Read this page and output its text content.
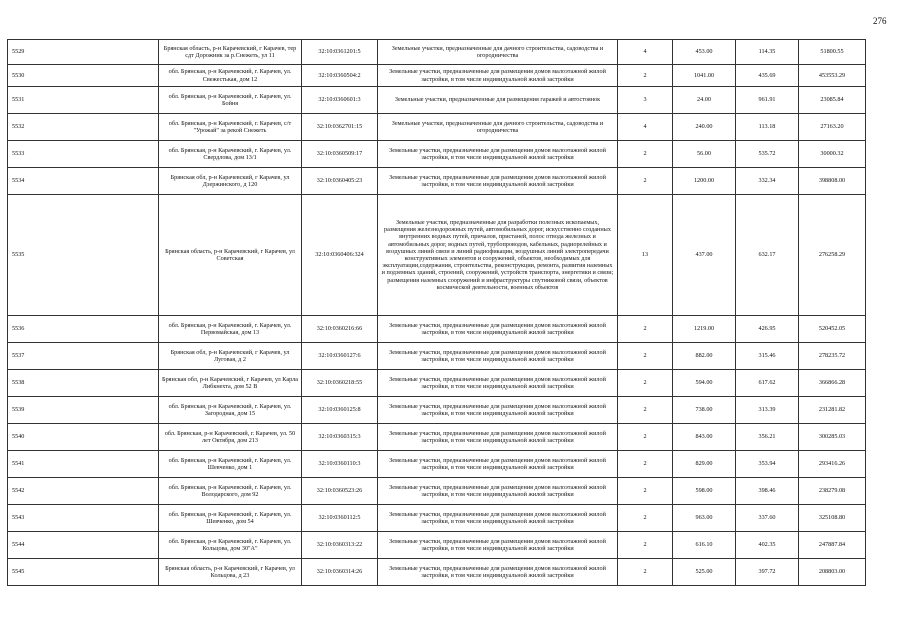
276
5529	Брянская область, р-н Карачевский, г Карачев, тер сдт Дорожник за р.Снежеть, ул 11	32:10:0361201:5	Земельные участки, предназначенные для дачного строительства, садоводства и огородничества	4	453.00	114.35	51800.55
5530	обл. Брянская, р-н Карачевский, г. Карачев, ул. Свежестькая, дом 12	32:10:0360504:2	Земельные участки, предназначенные для размещения домов малоэтажной жилой застройки, в том числе индивидуальной жилой застройки	2	1041.00	435.69	453553.29
5531	обл. Брянская, р-н Карачевский, г. Карачев, ул. Бойня	32:10:0360601:3	Земельные участки, предназначенные для размещения гаражей и автостоянок	3	24.00	961.91	23085.84
5532	обл. Брянская, р-н Карачевский, г. Карачев, с/т "Урожай" за рекой Снежеть	32:10:0362701:15	Земельные участки, предназначенные для дачного строительства, садоводства и огородничества	4	240.00	113.18	27163.20
5533	обл. Брянская, р-н Карачевский, г. Карачев, ул. Свердлова, дом 13/1	32:10:0360509:17	Земельные участки, предназначенные для размещения домов малоэтажной жилой застройки, в том числе индивидуальной жилой застройки	2	56.00	535.72	30000.32
5534	Брянская обл, р-н Карачевский, г Карачев, ул Дзержинского, д 120	32:10:0360405:23	Земельные участки, предназначенные для размещения домов малоэтажной жилой застройки, в том числе индивидуальной жилой застройки	2	1200.00	332.34	398808.00
5535	Брянская область, р-н Карачевский, г Карачев, ул Советская	32:10:0360406:324	Земельные участки, предназначенные для разработки полезных ископаемых, размещения железнодорожных путей, автомобильных дорог, искусственно созданных внутренних водных путей, причалов, пристаней, полос отвода железных и автомобильных дорог, водных путей, трубопроводов, кабельных, радиорелейных и воздушных линий связи и линий радиофикации, воздушных линий электропередачи конструктивных элементов и сооружений, объектов, необходимых для эксплуатации,содержания, строительства, реконструкции, ремонта, развития наземных и подземных зданий, строений, сооружений, устройств транспорта, энергетики и связи; размещения наземных сооружений и инфраструктуры спутниковой связи, объектов космической деятельности, военных объектов	13	437.00	632.17	276258.29
5536	обл. Брянская, р-н Карачевский, г. Карачев, ул. Первомайская, дом 13	32:10:0360216:66	Земельные участки, предназначенные для размещения домов малоэтажной жилой застройки, в том числе индивидуальной жилой застройки	2	1219.00	426.95	520452.05
5537	Брянская обл, р-н Карачевский, г Карачев, ул Луговая, д 2	32:10:0360127:6	Земельные участки, предназначенные для размещения домов малоэтажной жилой застройки, в том числе индивидуальной жилой застройки	2	882.00	315.46	278235.72
5538	Брянская обл, р-н Карачевский, г Карачев, ул Карла Либкнехта, дом 52 В	32:10:0360218:55	Земельные участки, предназначенные для размещения домов малоэтажной жилой застройки, в том числе индивидуальной жилой застройки	2	594.00	617.62	366866.28
5539	обл. Брянская, р-н Карачевский, г. Карачев, ул. Загородная, дом 15	32:10:0360125:8	Земельные участки, предназначенные для размещения домов малоэтажной жилой застройки, в том числе индивидуальной жилой застройки	2	738.00	313.39	231281.82
5540	обл. Брянская, р-н Карачевский, г. Карачев, ул. 50 лет Октября, дом 213	32:10:0360315:3	Земельные участки, предназначенные для размещения домов малоэтажной жилой застройки, в том числе индивидуальной жилой застройки	2	843.00	356.21	300285.03
5541	обл. Брянская, р-н Карачевский, г. Карачев, ул. Шевченко, дом 1	32:10:0360110:3	Земельные участки, предназначенные для размещения домов малоэтажной жилой застройки, в том числе индивидуальной жилой застройки	2	829.00	353.94	293416.26
5542	обл. Брянская, р-н Карачевский, г. Карачев, ул. Володарского, дом 92	32:10:0360523:26	Земельные участки, предназначенные для размещения домов малоэтажной жилой застройки, в том числе индивидуальной жилой застройки	2	598.00	398.46	238279.08
5543	обл. Брянская, р-н Карачевский, г. Карачев, ул. Шевченко, дом 54	32:10:0360112:5	Земельные участки, предназначенные для размещения домов малоэтажной жилой застройки, в том числе индивидуальной жилой застройки	2	963.00	337.60	325108.80
5544	обл. Брянская, р-н Карачевский, г. Карачев, ул. Кольцова, дом 30"А"	32:10:0360313:22	Земельные участки, предназначенные для размещения домов малоэтажной жилой застройки, в том числе индивидуальной жилой застройки	2	616.10	402.35	247887.84
5545	Брянская область, р-н Карачевский, г Карачев, ул Кольцова, д 23	32:10:0360314:26	Земельные участки, предназначенные для размещения домов малоэтажной жилой застройки, в том числе индивидуальной жилой застройки	2	525.00	397.72	208803.00
